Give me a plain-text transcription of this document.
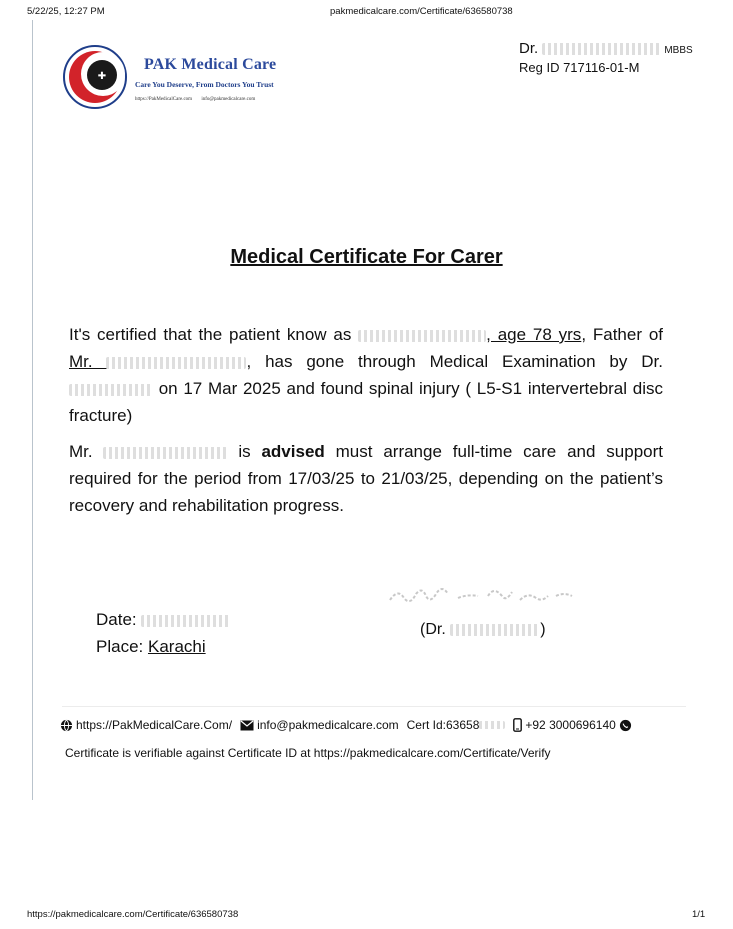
5/22/25, 12:27 PM	pakmedicalcare.com/Certificate/636580738
✚
PAK Medical Care
Care You Deserve, From Doctors You Trust
https://PakMedicalCare.com info@pakmedicalcare.com
Dr.	MBBS
Reg ID 717116-01-M
Medical Certificate For Carer
It's certified that the patient know as	, age 78 yrs, Father of Mr.	, has gone through Medical Examination by Dr.  on 17 Mar 2025 and found spinal injury ( L5-S1 intervertebral disc fracture)
Mr.	is advised must arrange full-time care and support required for the period from 17/03/25 to 21/03/25, depending on the patient’s recovery and rehabilitation progress.
Date:
Place: Karachi
(Dr.	)
https://PakMedicalCare.Com/ info@pakmedicalcare.com Cert Id: 63658	+92 3000696140
Certificate is verifiable against Certificate ID at https://pakmedicalcare.com/Certificate/Verify
https://pakmedicalcare.com/Certificate/636580738	1/1
